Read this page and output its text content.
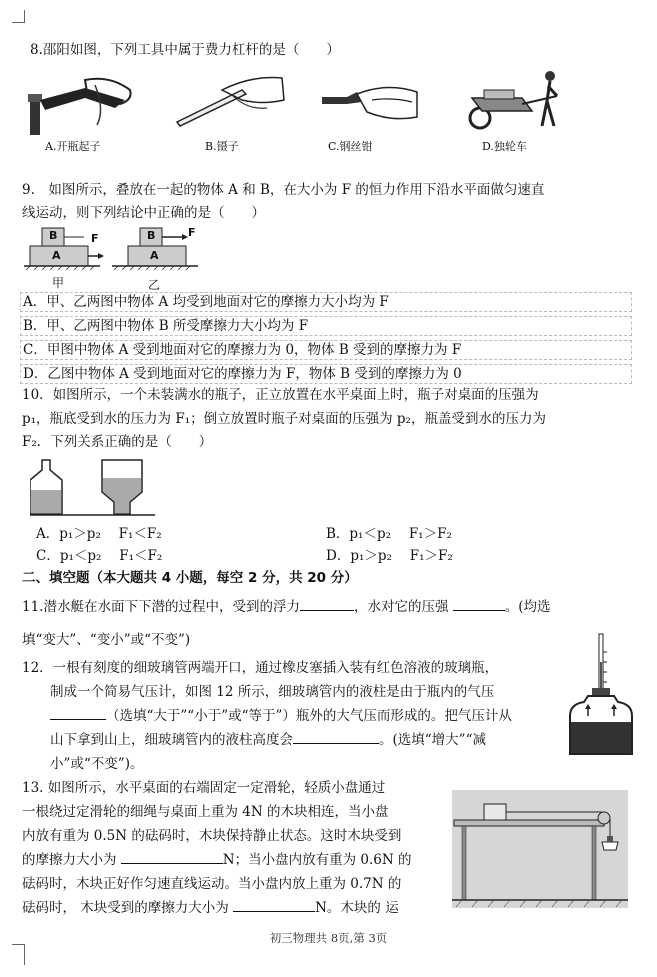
8.邵阳如图，下列工具中属于费力杠杆的是（　　）
A.开瓶起子	B.镊子	C.钢丝钳	D.独轮车
9.　如图所示，叠放在一起的物体 A 和 B，在大小为 F 的恒力作用下沿水平面做匀速直
线运动，则下列结论中正确的是（　　）
B
A
F	B
A
F
甲	乙
A．甲、乙两图中物体 A 均受到地面对它的摩擦力大小均为 F
B．甲、乙两图中物体 B 所受摩擦力大小均为 F
C．甲图中物体 A 受到地面对它的摩擦力为 0，物体 B 受到的摩擦力为 F
D．乙图中物体 A 受到地面对它的摩擦力为 F，物体 B 受到的摩擦力为 0
10．如图所示，一个未装满水的瓶子，正立放置在水平桌面上时，瓶子对桌面的压强为
p₁，瓶底受到水的压力为 F₁；倒立放置时瓶子对桌面的压强为 p₂，瓶盖受到水的压力为
F₂．下列关系正确的是（　　）
A．p₁＞p₂　 F₁＜F₂	B．p₁＜p₂　 F₁＞F₂
C．p₁＜p₂　 F₁＜F₂	D．p₁＞p₂　 F₁＞F₂
二、填空题（本大题共 4 小题，每空 2 分，共 20 分）
11.潜水艇在水面下下潜的过程中，受到的浮力	，水对它的压强	。(均选
填“变大”、“变小”或“不变”)
12．一根有刻度的细玻璃管两端开口，通过橡皮塞插入装有红色溶液的玻璃瓶，
制成一个简易气压计，如图 12 所示，细玻璃管内的液柱是由于瓶内的气压
（选填“大于”“小于”或“等于”）瓶外的大气压而形成的。把气压计从
山下拿到山上，细玻璃管内的液柱高度会	。(选填“增大”“减
小”或“不变”)。
13. 如图所示，水平桌面的右端固定一定滑轮，轻质小盘通过
一根绕过定滑轮的细绳与桌面上重为 4N 的木块相连，当小盘
内放有重为 0.5N 的砝码时，木块保持静止状态。这时木块受到
的摩擦力大小为	N；当小盘内放有重为 0.6N 的
砝码时，木块正好作匀速直线运动。当小盘内放上重为 0.7N 的
砝码时， 木块受到的摩擦力大小为	N。木块的 运
初三物理共 8页,第 3页
